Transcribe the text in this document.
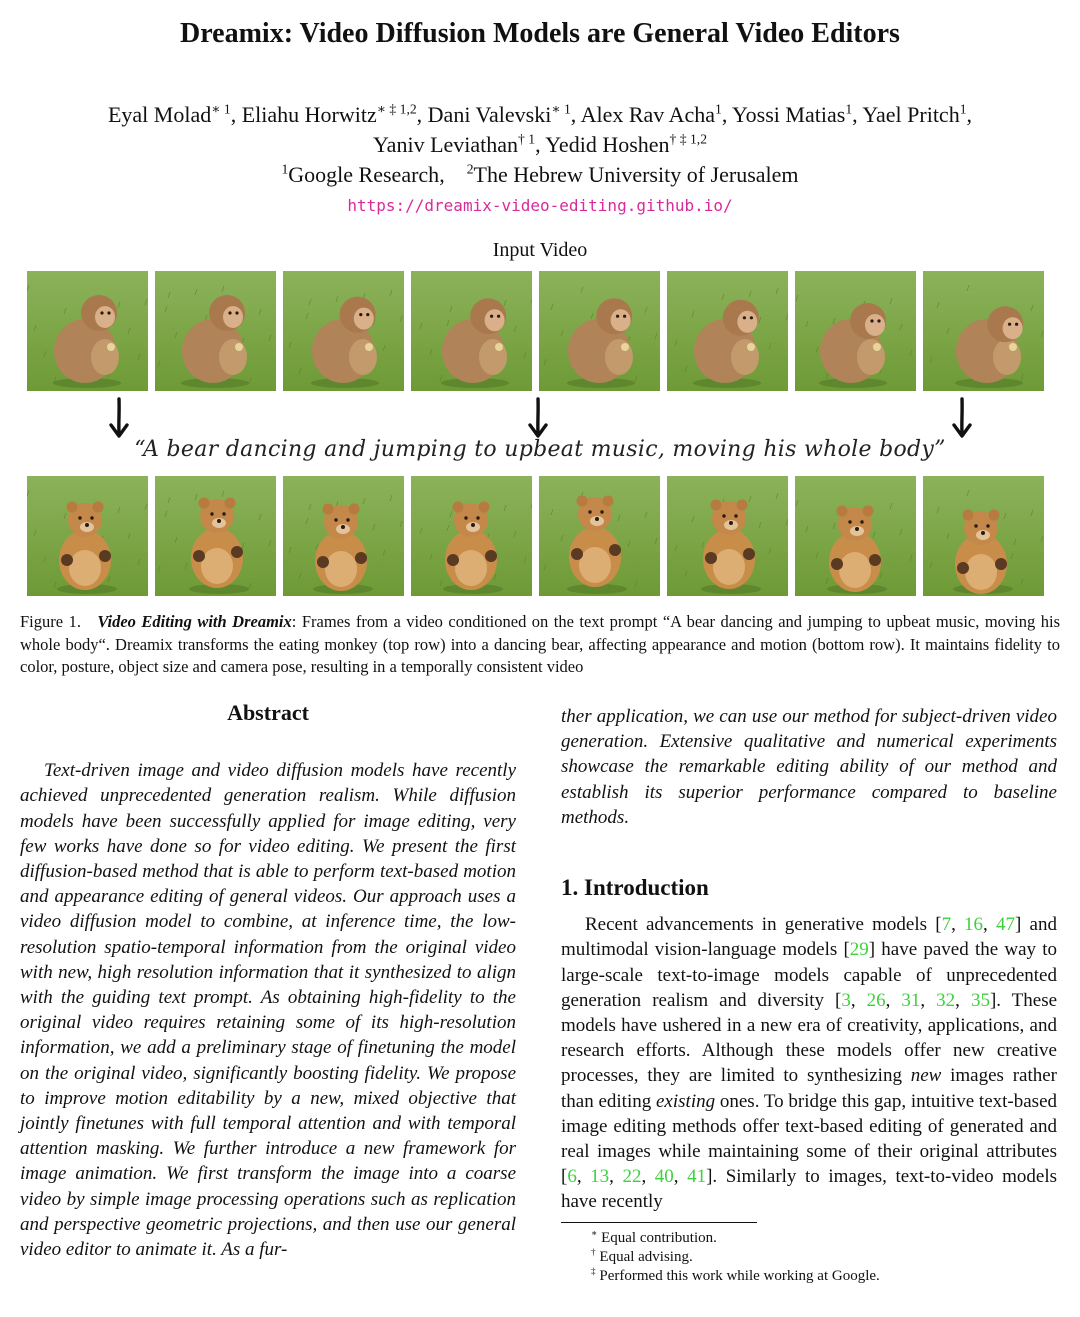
Dreamix: Video Diffusion Models are General Video Editors
Eyal Molad$^{∗ 1}$, Eliahu Horwitz$^{∗ \ddagger 1,2}$, Dani Valevski$^{∗ 1}$, Alex Rav Acha$^1$, Yossi Matias$^1$, Yael Pritch$^1$,
Yaniv Leviathan$^{\dagger 1}$, Yedid Hoshen$^{\dagger \ddagger 1,2}$
$^1$Google Research, $^2$The Hebrew University of Jerusalem
https://dreamix-video-editing.github.io/
Input Video
“A bear dancing and jumping to upbeat music, moving his whole body”
Figure 1. Video Editing with Dreamix: Frames from a video conditioned on the text prompt “A bear dancing and jumping to upbeat music, moving his whole body“. Dreamix transforms the eating monkey (top row) into a dancing bear, affecting appearance and motion (bottom row). It maintains fidelity to color, posture, object size and camera pose, resulting in a temporally consistent video
Abstract

Text-driven image and video diffusion models have recently achieved unprecedented generation realism. While diffusion models have been successfully applied for image editing, very few works have done so for video editing. We present the first diffusion-based method that is able to perform text-based motion and appearance editing of general videos. Our approach uses a video diffusion model to combine, at inference time, the low-resolution spatio-temporal information from the original video with new, high resolution information that it synthesized to align with the guiding text prompt. As obtaining high-fidelity to the original video requires retaining some of its high-resolution information, we add a preliminary stage of finetuning the model on the original video, significantly boosting fidelity. We propose to improve motion editability by a new, mixed objective that jointly finetunes with full temporal attention and with temporal attention masking. We further introduce a new framework for image animation. We first transform the image into a coarse video by simple image processing operations such as replication and perspective geometric projections, and then use our general video editor to animate it. As a fur-

ther application, we can use our method for subject-driven video generation. Extensive qualitative and numerical experiments showcase the remarkable editing ability of our method and establish its superior performance compared to baseline methods.

1. Introduction

Recent advancements in generative models [7, 16, 47] and multimodal vision-language models [29] have paved the way to large-scale text-to-image models capable of unprecedented generation realism and diversity [3, 26, 31, 32, 35]. These models have ushered in a new era of creativity, applications, and research efforts. Although these models offer new creative processes, they are limited to synthesizing new images rather than editing existing ones. To bridge this gap, intuitive text-based image editing methods offer text-based editing of generated and real images while maintaining some of their original attributes [6, 13, 22, 40, 41]. Similarly to images, text-to-video models have recently

∗ Equal contribution.
† Equal advising.
‡ Performed this work while working at Google.
